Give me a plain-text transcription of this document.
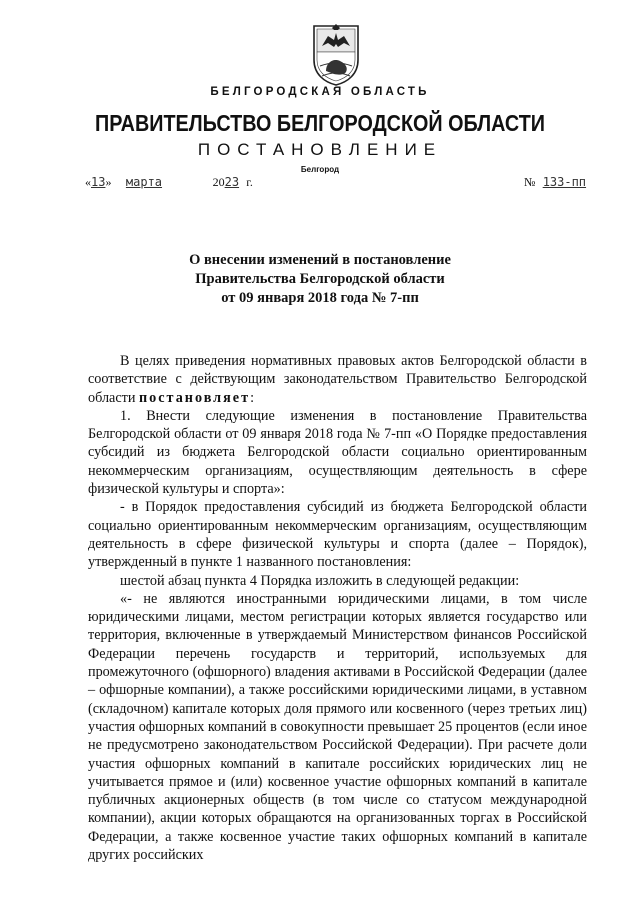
БЕЛГОРОДСКАЯ ОБЛАСТЬ
ПРАВИТЕЛЬСТВО БЕЛГОРОДСКОЙ ОБЛАСТИ
ПОСТАНОВЛЕНИЕ
Белгород
«13» марта	2023 г.	№ 133-пп
О внесении изменений в постановление
Правительства Белгородской области
от 09 января 2018 года № 7-пп

В целях приведения нормативных правовых актов Белгородской области в соответствие с действующим законодательством Правительство Белгородской области постановляет:

1. Внести следующие изменения в постановление Правительства Белгородской области от 09 января 2018 года № 7-пп «О Порядке предоставления субсидий из бюджета Белгородской области социально ориентированным некоммерческим организациям, осуществляющим деятельность в сфере физической культуры и спорта»:

- в Порядок предоставления субсидий из бюджета Белгородской области социально ориентированным некоммерческим организациям, осуществляющим деятельность в сфере физической культуры и спорта (далее – Порядок), утвержденный в пункте 1 названного постановления:

шестой абзац пункта 4 Порядка изложить в следующей редакции:

«- не являются иностранными юридическими лицами, в том числе юридическими лицами, местом регистрации которых является государство или территория, включенные в утверждаемый Министерством финансов Российской Федерации перечень государств и территорий, используемых для промежуточного (офшорного) владения активами в Российской Федерации (далее – офшорные компании), а также российскими юридическими лицами, в уставном (складочном) капитале которых доля прямого или косвенного (через третьих лиц) участия офшорных компаний в совокупности превышает 25 процентов (если иное не предусмотрено законодательством Российской Федерации). При расчете доли участия офшорных компаний в капитале российских юридических лиц не учитывается прямое и (или) косвенное участие офшорных компаний в капитале публичных акционерных обществ (в том числе со статусом международной компании), акции которых обращаются на организованных торгах в Российской Федерации, а также косвенное участие таких офшорных компаний в капитале других российских
